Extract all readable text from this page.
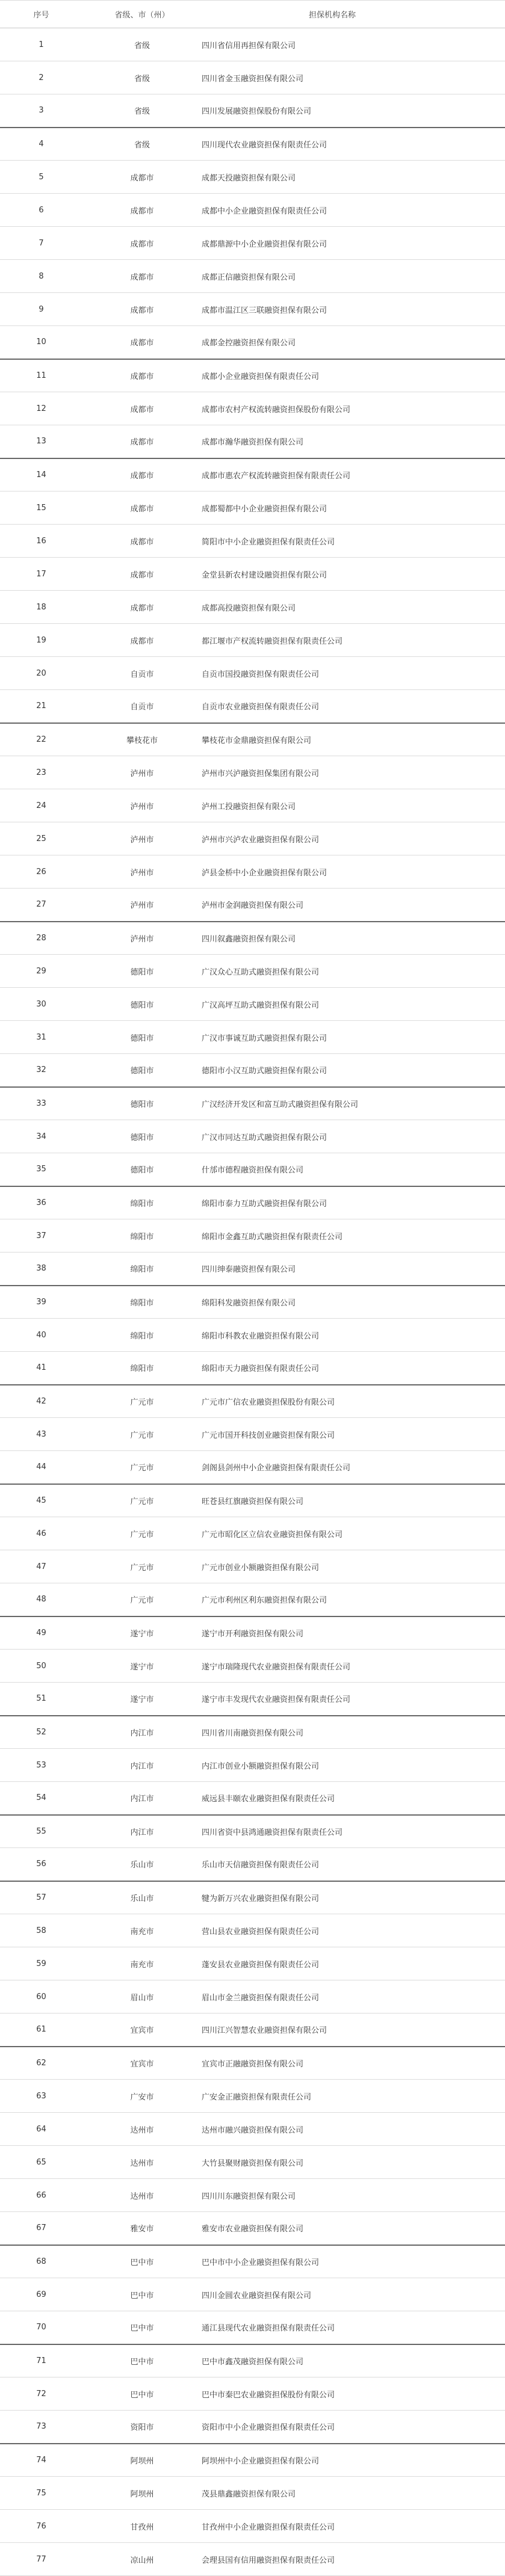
序号	省级、市（州）	担保机构名称
1	省级	四川省信用再担保有限公司
2	省级	四川省金玉融资担保有限公司
3	省级	四川发展融资担保股份有限公司
4	省级	四川现代农业融资担保有限责任公司
5	成都市	成都天投融资担保有限公司
6	成都市	成都中小企业融资担保有限责任公司
7	成都市	成都鼎源中小企业融资担保有限公司
8	成都市	成都正信融资担保有限公司
9	成都市	成都市温江区三联融资担保有限公司
10	成都市	成都金控融资担保有限公司
11	成都市	成都小企业融资担保有限责任公司
12	成都市	成都市农村产权流转融资担保股份有限公司
13	成都市	成都市瀚华融资担保有限公司
14	成都市	成都市惠农产权流转融资担保有限责任公司
15	成都市	成都蜀都中小企业融资担保有限公司
16	成都市	简阳市中小企业融资担保有限责任公司
17	成都市	金堂县新农村建设融资担保有限公司
18	成都市	成都高投融资担保有限公司
19	成都市	都江堰市产权流转融资担保有限责任公司
20	自贡市	自贡市国投融资担保有限责任公司
21	自贡市	自贡市农业融资担保有限责任公司
22	攀枝花市	攀枝花市金鼎融资担保有限公司
23	泸州市	泸州市兴泸融资担保集团有限公司
24	泸州市	泸州工投融资担保有限公司
25	泸州市	泸州市兴泸农业融资担保有限公司
26	泸州市	泸县金桥中小企业融资担保有限公司
27	泸州市	泸州市金润融资担保有限公司
28	泸州市	四川叙鑫融资担保有限公司
29	德阳市	广汉众心互助式融资担保有限公司
30	德阳市	广汉高坪互助式融资担保有限公司
31	德阳市	广汉市事诚互助式融资担保有限公司
32	德阳市	德阳市小汉互助式融资担保有限公司
33	德阳市	广汉经济开发区和富互助式融资担保有限公司
34	德阳市	广汉市同达互助式融资担保有限公司
35	德阳市	什邡市德程融资担保有限公司
36	绵阳市	绵阳市泰力互助式融资担保有限公司
37	绵阳市	绵阳市金鑫互助式融资担保有限责任公司
38	绵阳市	四川绅泰融资担保有限公司
39	绵阳市	绵阳科发融资担保有限公司
40	绵阳市	绵阳市科教农业融资担保有限公司
41	绵阳市	绵阳市天力融资担保有限责任公司
42	广元市	广元市广信农业融资担保股份有限公司
43	广元市	广元市国开科技创业融资担保有限公司
44	广元市	剑阁县剑州中小企业融资担保有限责任公司
45	广元市	旺苍县红旗融资担保有限公司
46	广元市	广元市昭化区立信农业融资担保有限公司
47	广元市	广元市创业小额融资担保有限公司
48	广元市	广元市利州区利东融资担保有限公司
49	遂宁市	遂宁市开利融资担保有限公司
50	遂宁市	遂宁市瑞隆现代农业融资担保有限责任公司
51	遂宁市	遂宁市丰发现代农业融资担保有限责任公司
52	内江市	四川省川南融资担保有限公司
53	内江市	内江市创业小额融资担保有限公司
54	内江市	威远县丰颐农业融资担保有限责任公司
55	内江市	四川省资中县鸿通融资担保有限责任公司
56	乐山市	乐山市天信融资担保有限责任公司
57	乐山市	犍为新万兴农业融资担保有限公司
58	南充市	营山县农业融资担保有限责任公司
59	南充市	蓬安县农业融资担保有限责任公司
60	眉山市	眉山市金兰融资担保有限责任公司
61	宜宾市	四川江兴智慧农业融资担保有限公司
62	宜宾市	宜宾市正融融资担保有限公司
63	广安市	广安金正融资担保有限责任公司
64	达州市	达州市融兴融资担保有限公司
65	达州市	大竹县聚财融资担保有限公司
66	达州市	四川川东融资担保有限公司
67	雅安市	雅安市农业融资担保有限公司
68	巴中市	巴中市中小企业融资担保有限公司
69	巴中市	四川金圆农业融资担保有限公司
70	巴中市	通江县现代农业融资担保有限责任公司
71	巴中市	巴中市鑫茂融资担保有限公司
72	巴中市	巴中市秦巴农业融资担保股份有限公司
73	资阳市	资阳市中小企业融资担保有限责任公司
74	阿坝州	阿坝州中小企业融资担保有限公司
75	阿坝州	茂县鼎鑫融资担保有限公司
76	甘孜州	甘孜州中小企业融资担保有限责任公司
77	凉山州	会理县国有信用融资担保有限责任公司
